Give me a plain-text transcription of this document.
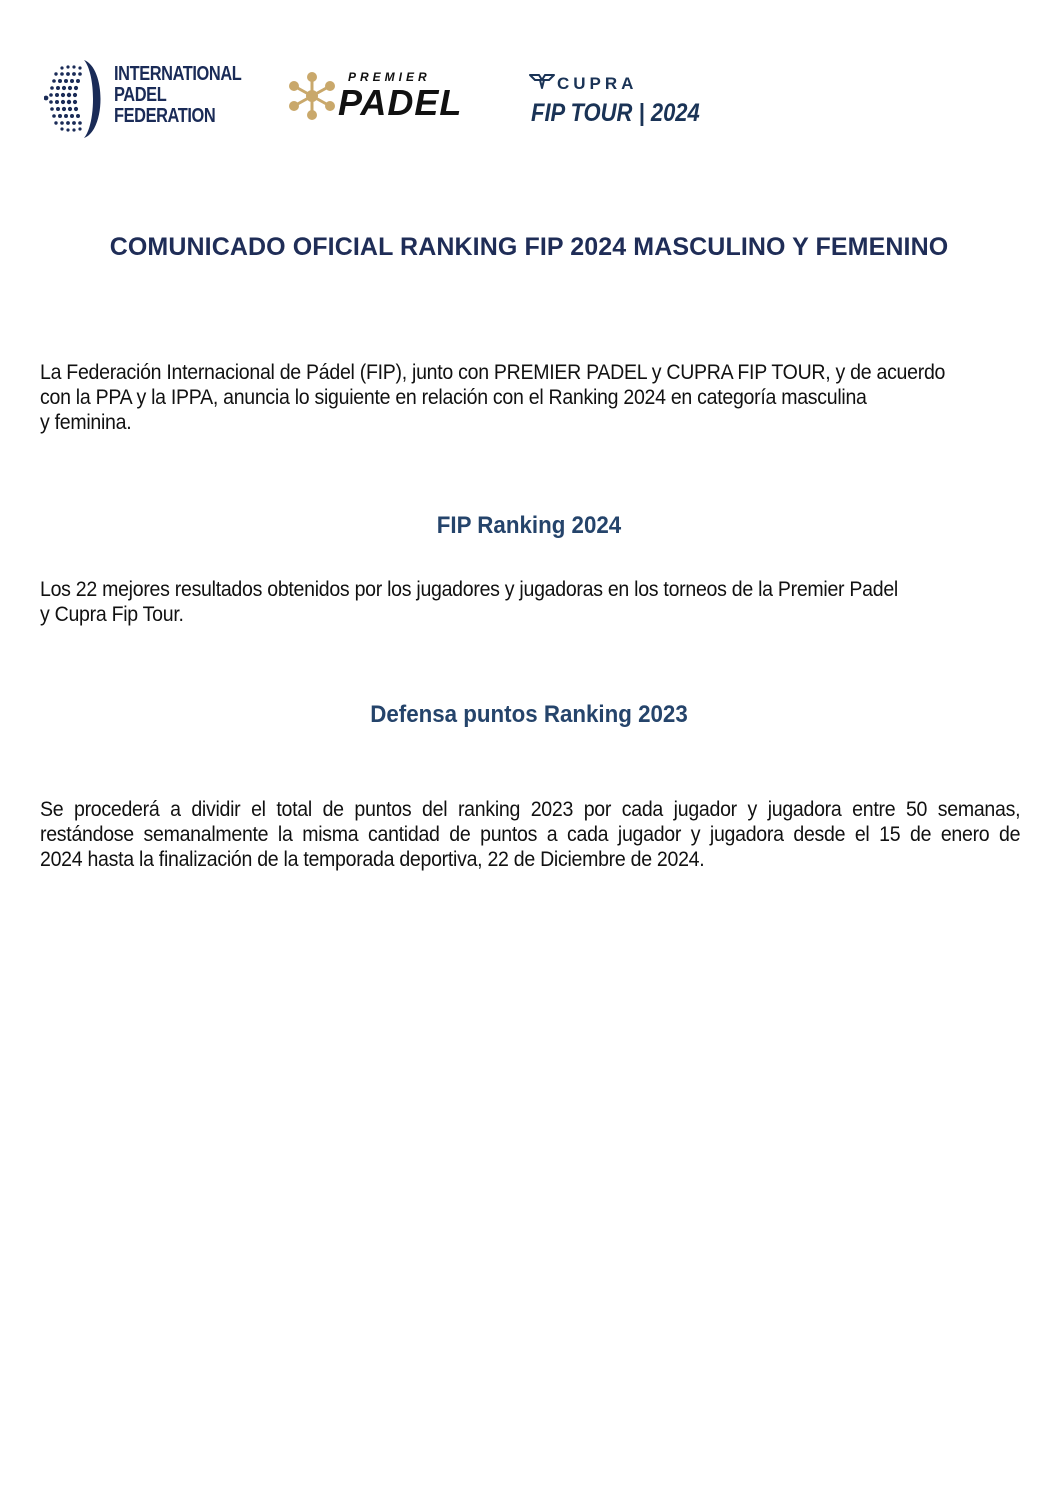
INTERNATIONAL
PADEL
FEDERATION
PREMIER
PADEL	CUPRA
FIP TOUR | 2024
COMUNICADO OFICIAL RANKING FIP 2024 MASCULINO Y FEMENINO

La Federación Internacional de Pádel (FIP), junto con PREMIER PADEL y CUPRA FIP TOUR, y de acuerdo
con la PPA y la IPPA, anuncia lo siguiente en relación con el Ranking 2024 en categoría masculina
y feminina.

FIP Ranking 2024

Los 22 mejores resultados obtenidos por los jugadores y jugadoras en los torneos de la Premier Padel
y Cupra Fip Tour.

Defensa puntos Ranking 2023

Se procederá a dividir el total de puntos del ranking 2023 por cada jugador y jugadora entre 50 semanas,
restándose semanalmente la misma cantidad de puntos a cada jugador y jugadora desde el 15 de enero de
2024 hasta la finalización de la temporada deportiva, 22 de Diciembre de 2024.
